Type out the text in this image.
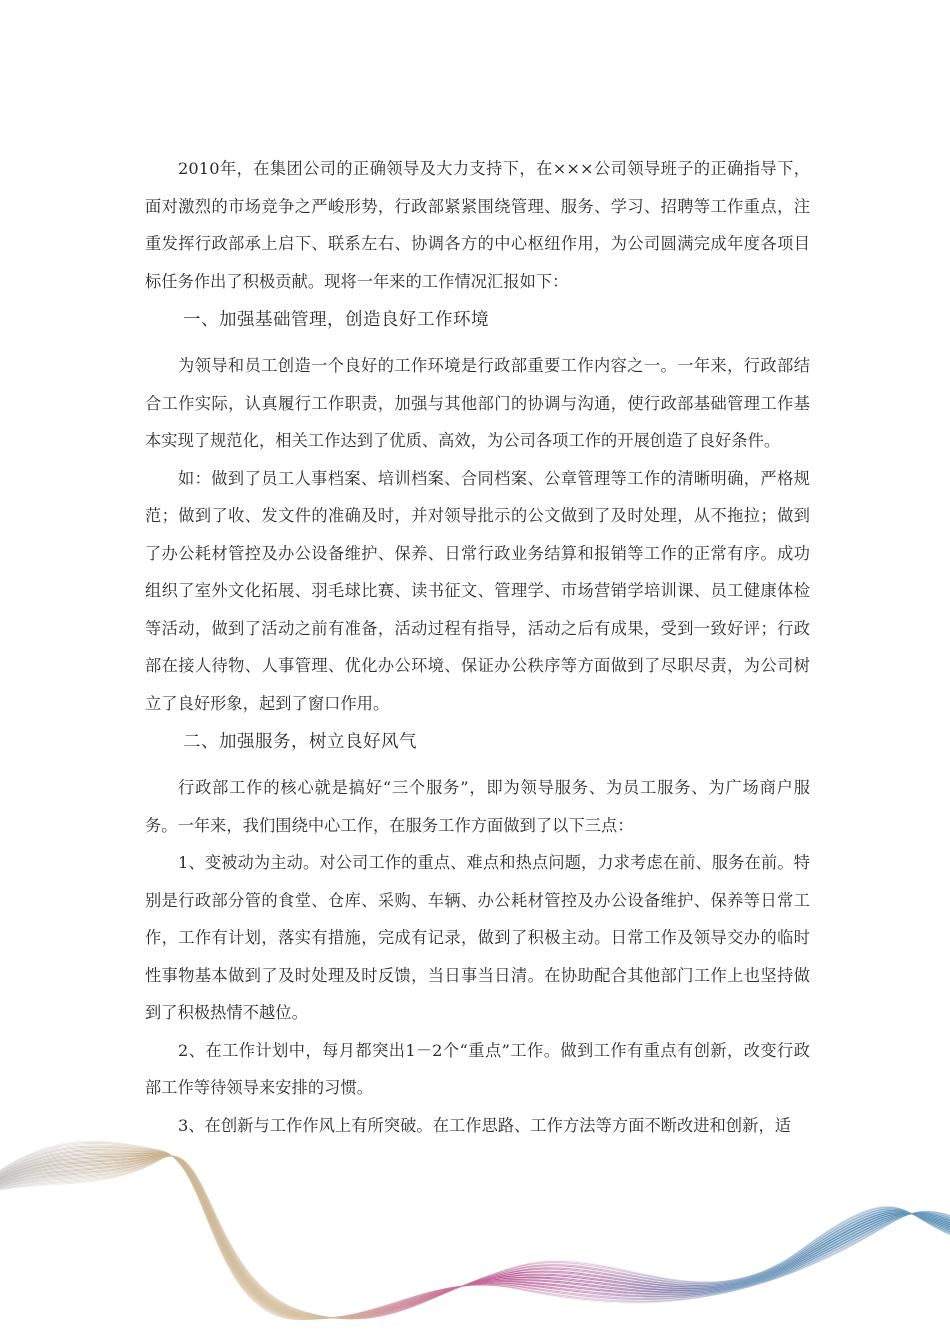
2010年，在集团公司的正确领导及大力支持下，在×××公司领导班子的正确指导下，面对激烈的市场竞争之严峻形势，行政部紧紧围绕管理、服务、学习、招聘等工作重点，注重发挥行政部承上启下、联系左右、协调各方的中心枢纽作用，为公司圆满完成年度各项目标任务作出了积极贡献。现将一年来的工作情况汇报如下：

一、加强基础管理，创造良好工作环境

为领导和员工创造一个良好的工作环境是行政部重要工作内容之一。一年来，行政部结合工作实际，认真履行工作职责，加强与其他部门的协调与沟通，使行政部基础管理工作基本实现了规范化，相关工作达到了优质、高效，为公司各项工作的开展创造了良好条件。

如：做到了员工人事档案、培训档案、合同档案、公章管理等工作的清晰明确，严格规范；做到了收、发文件的准确及时，并对领导批示的公文做到了及时处理，从不拖拉；做到了办公耗材管控及办公设备维护、保养、日常行政业务结算和报销等工作的正常有序。成功组织了室外文化拓展、羽毛球比赛、读书征文、管理学、市场营销学培训课、员工健康体检等活动，做到了活动之前有准备，活动过程有指导，活动之后有成果，受到一致好评；行政部在接人待物、人事管理、优化办公环境、保证办公秩序等方面做到了尽职尽责，为公司树立了良好形象，起到了窗口作用。

二、加强服务，树立良好风气

行政部工作的核心就是搞好“三个服务”，即为领导服务、为员工服务、为广场商户服务。一年来，我们围绕中心工作，在服务工作方面做到了以下三点：

1、变被动为主动。对公司工作的重点、难点和热点问题，力求考虑在前、服务在前。特别是行政部分管的食堂、仓库、采购、车辆、办公耗材管控及办公设备维护、保养等日常工作，工作有计划，落实有措施，完成有记录，做到了积极主动。日常工作及领导交办的临时性事物基本做到了及时处理及时反馈，当日事当日清。在协助配合其他部门工作上也坚持做到了积极热情不越位。

2、在工作计划中，每月都突出1－2个“重点”工作。做到工作有重点有创新，改变行政部工作等待领导来安排的习惯。

3、在创新与工作作风上有所突破。在工作思路、工作方法等方面不断改进和创新，适
